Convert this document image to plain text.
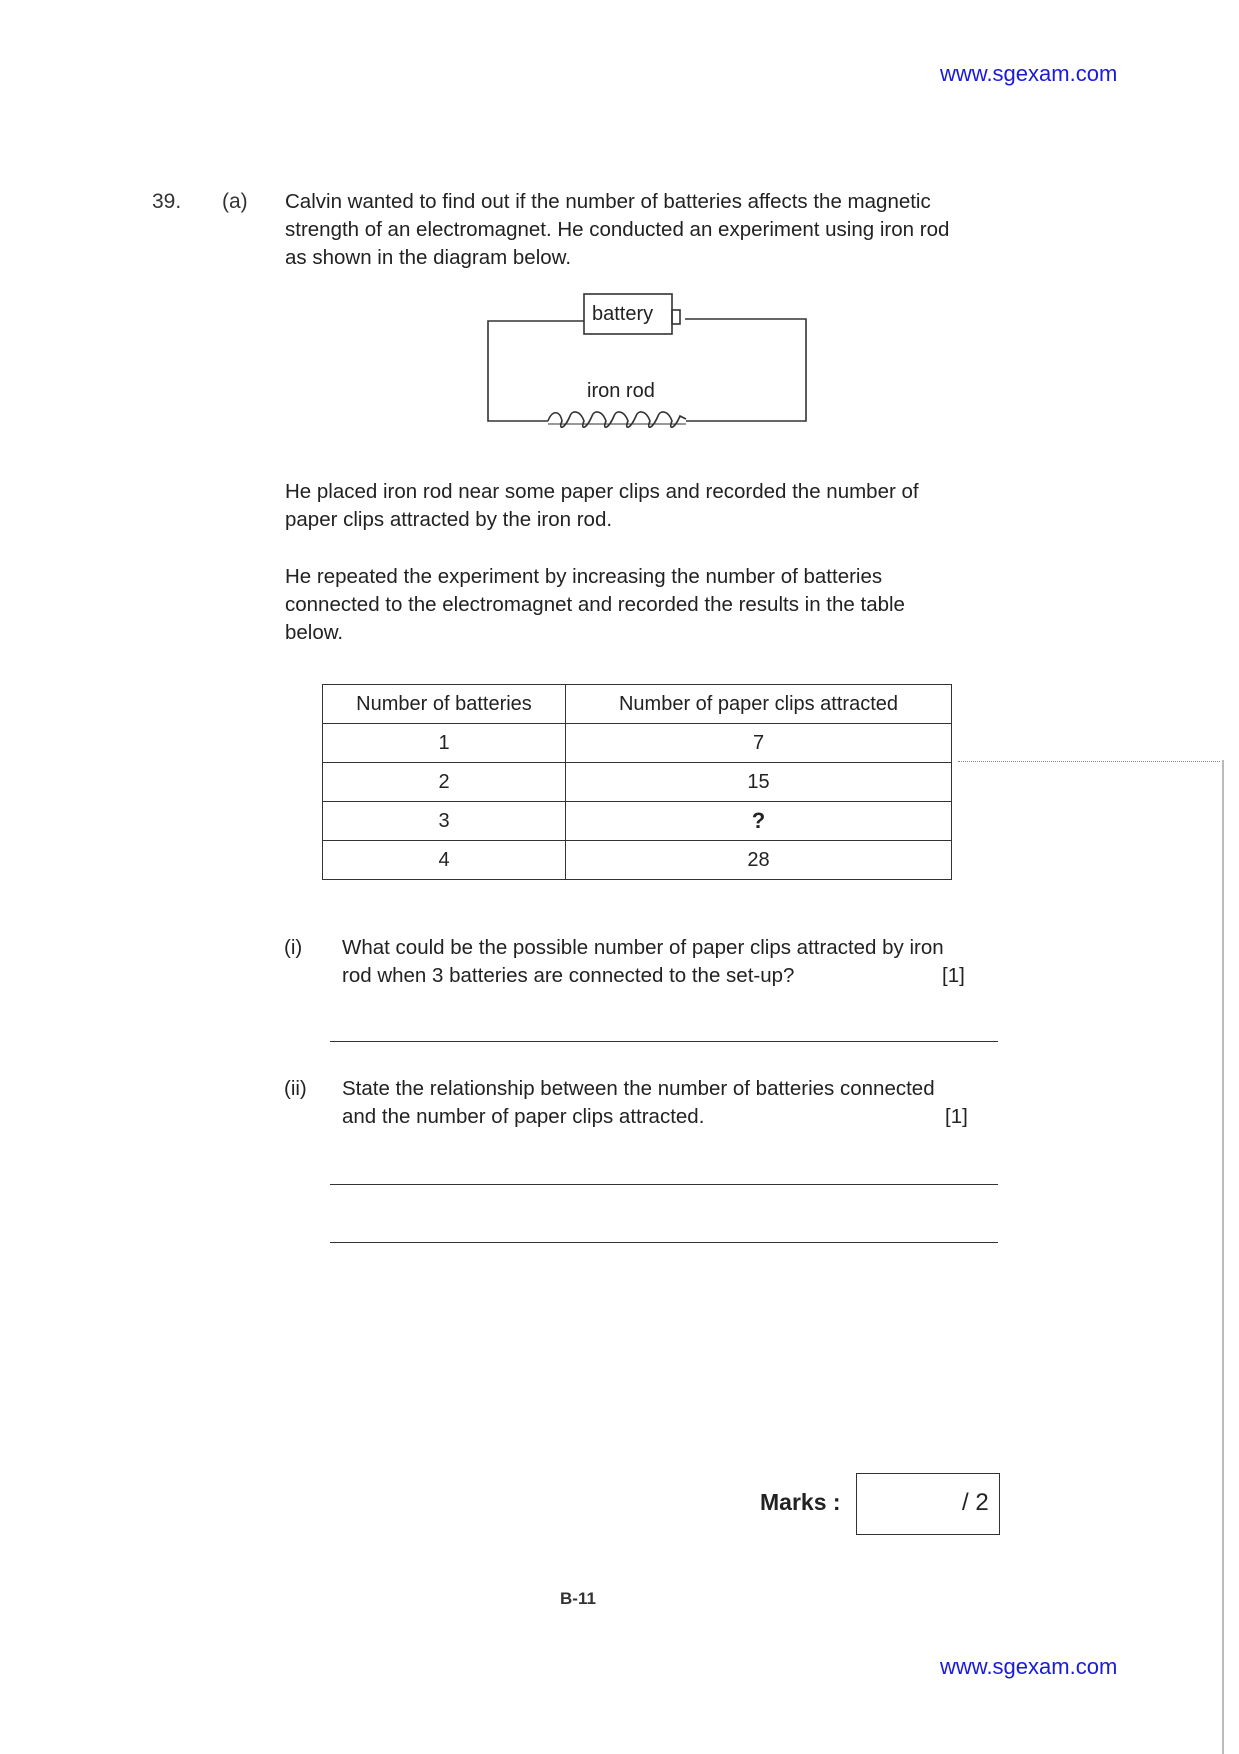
www.sgexam.com
39. (a) Calvin wanted to find out if the number of batteries affects the magnetic
strength of an electromagnet. He conducted an experiment using iron rod
as shown in the diagram below.
battery
iron rod
He placed iron rod near some paper clips and recorded the number of
paper clips attracted by the iron rod.
He repeated the experiment by increasing the number of batteries
connected to the electromagnet and recorded the results in the table
below.
Number of batteries	Number of paper clips attracted
1	7
2	15
3	?
4	28
(i) What could be the possible number of paper clips attracted by iron
rod when 3 batteries are connected to the set-up?	[1]
(ii) State the relationship between the number of batteries connected
and the number of paper clips attracted.	[1]
Marks :	/ 2
B-11
www.sgexam.com
